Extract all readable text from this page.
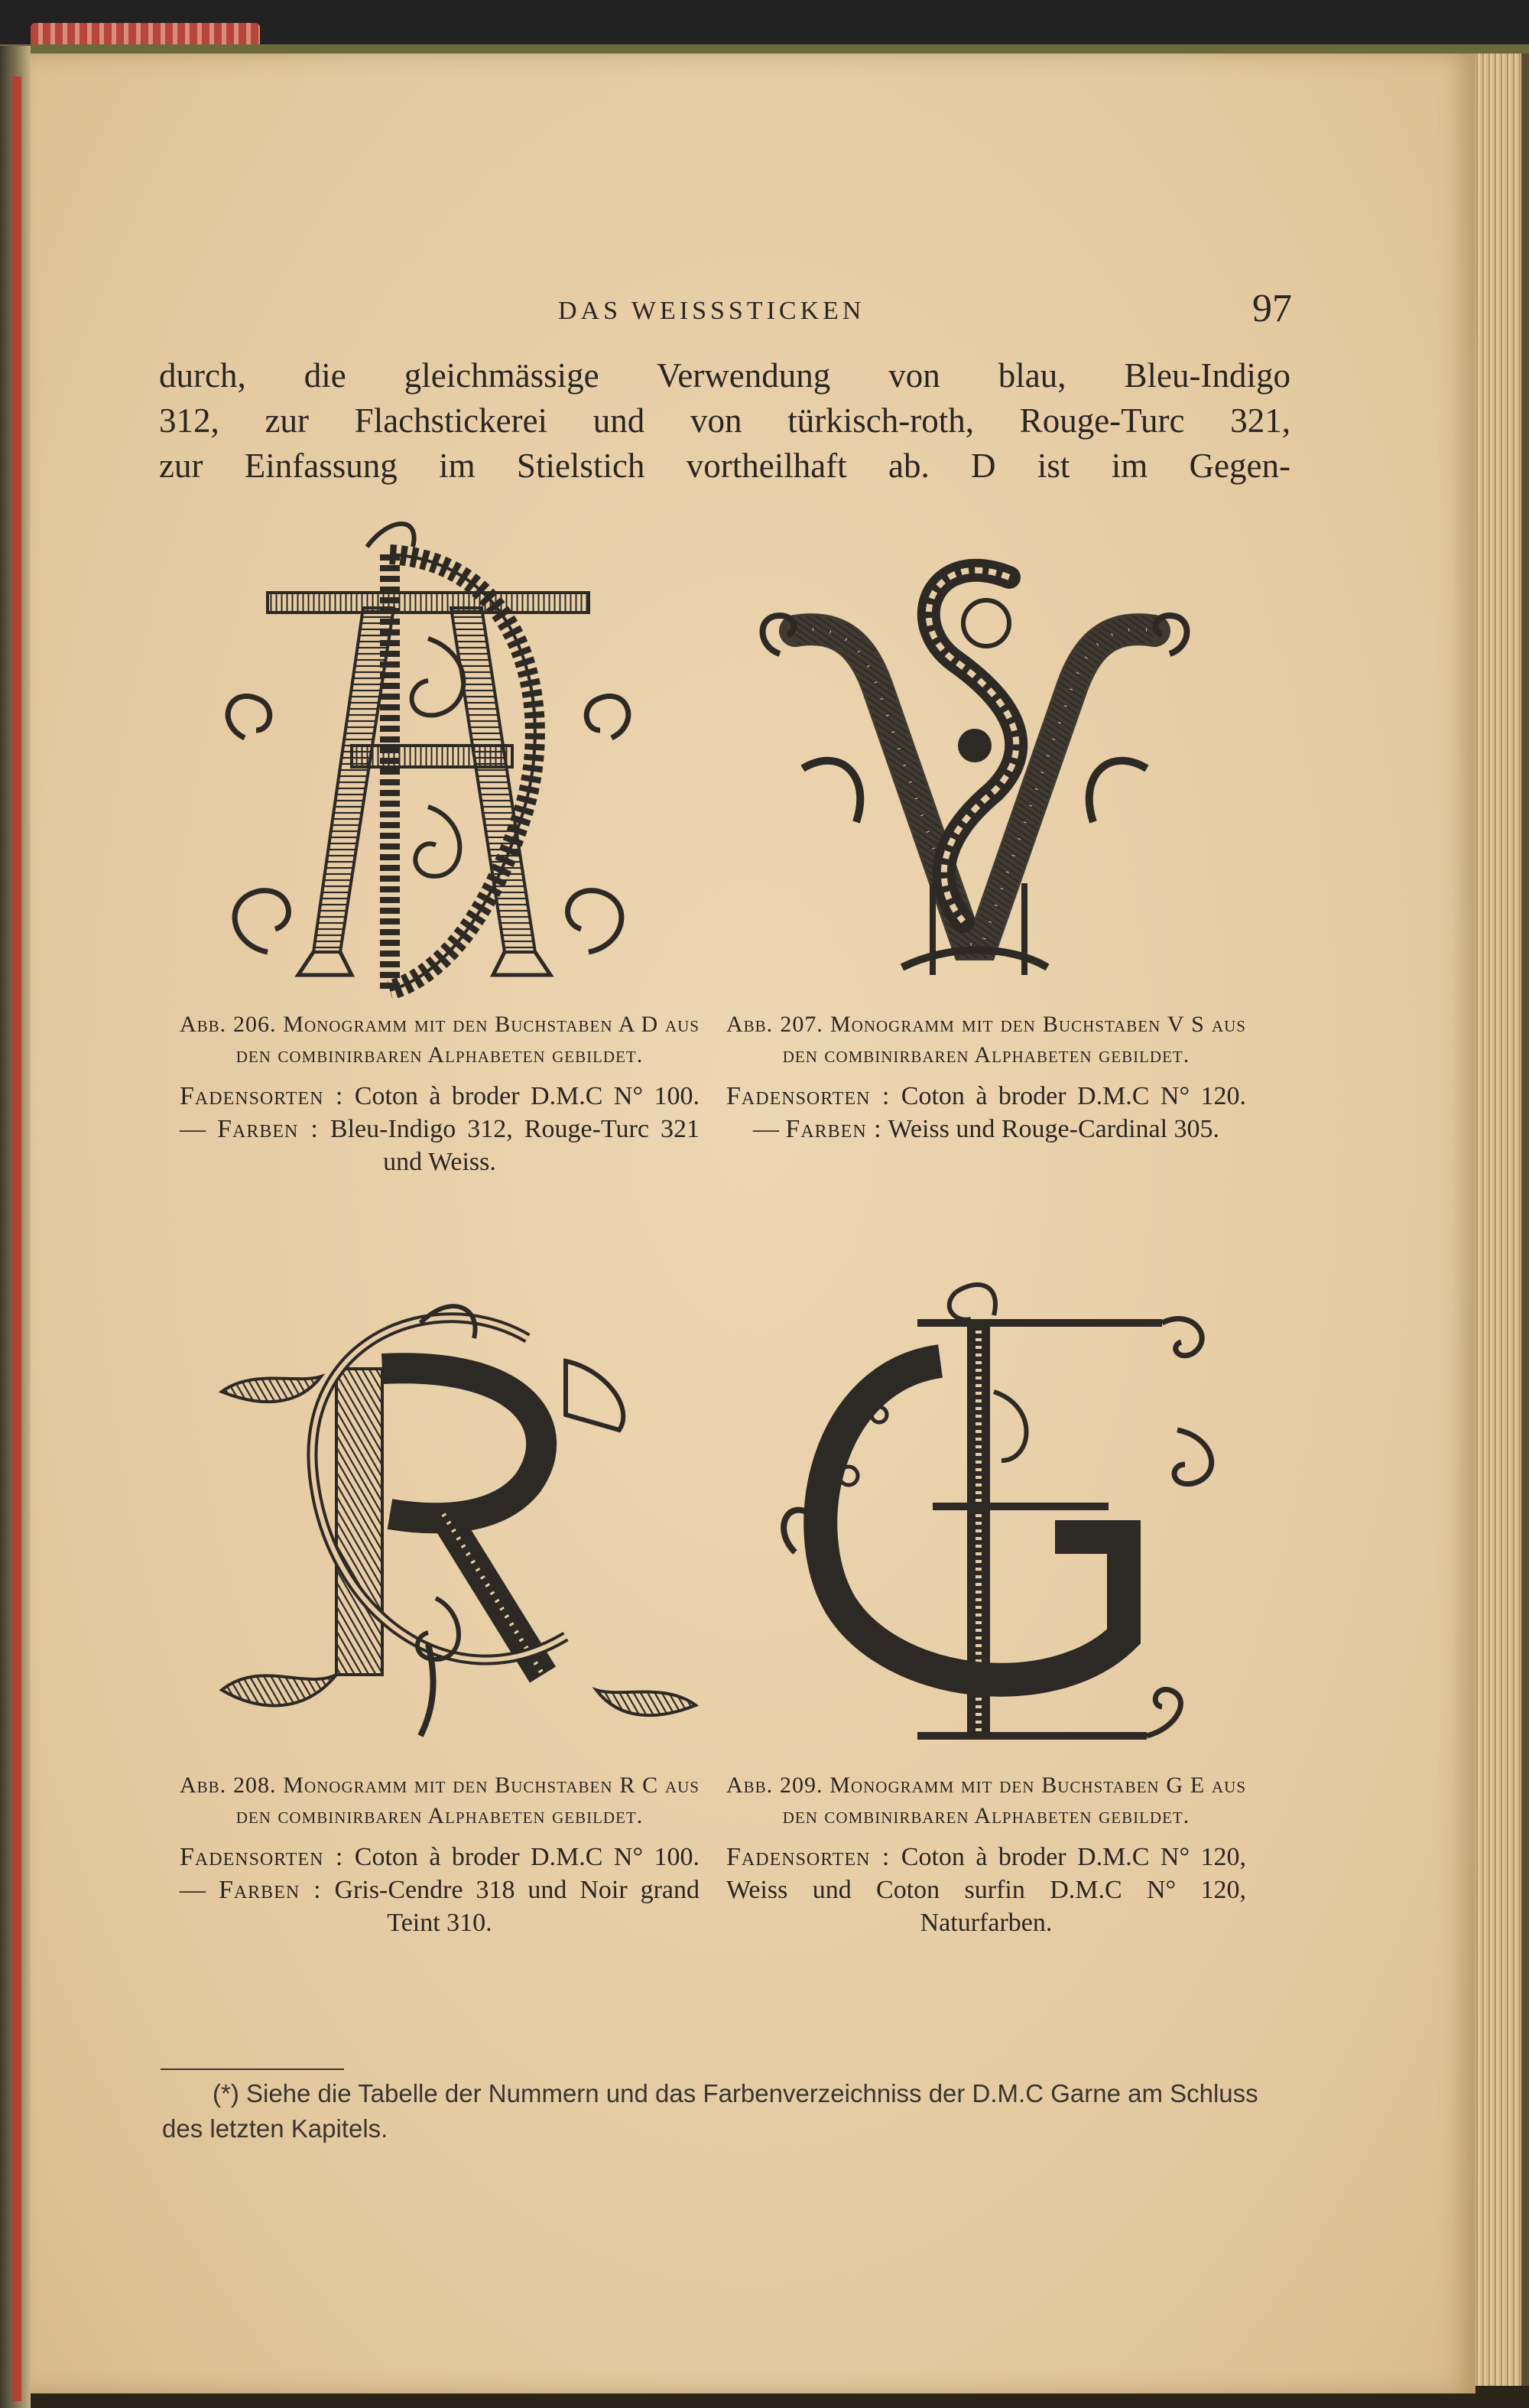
DAS WEISSSTICKEN	97

durch, die gleichmässige Verwendung von blau, Bleu-Indigo

312, zur Flachstickerei und von türkisch-roth, Rouge-Turc 321,

zur Einfassung im Stielstich vortheilhaft ab. D ist im Gegen-

Abb. 206. Monogramm mit den Buchstaben A D aus den combinirbaren Alphabeten gebildet.
Fadensorten : Coton à broder D.M.C N° 100. — Farben : Bleu-Indigo 312, Rouge-Turc 321 und Weiss.
Abb. 207. Monogramm mit den Buchstaben V S aus den combinirbaren Alphabeten gebildet.
Fadensorten : Coton à broder D.M.C N° 120. — Farben : Weiss und Rouge-Cardinal 305.
Abb. 208. Monogramm mit den Buchstaben R C aus den combinirbaren Alphabeten gebildet.
Fadensorten : Coton à broder D.M.C N° 100. — Farben : Gris-Cendre 318 und Noir grand Teint 310.
Abb. 209. Monogramm mit den Buchstaben G E aus den combinirbaren Alphabeten gebildet.
Fadensorten : Coton à broder D.M.C N° 120, Weiss und Coton surfin D.M.C N° 120, Naturfarben.
(*) Siehe die Tabelle der Nummern und das Farbenverzeichniss der D.M.C Garne am Schluss des letzten Kapitels.
